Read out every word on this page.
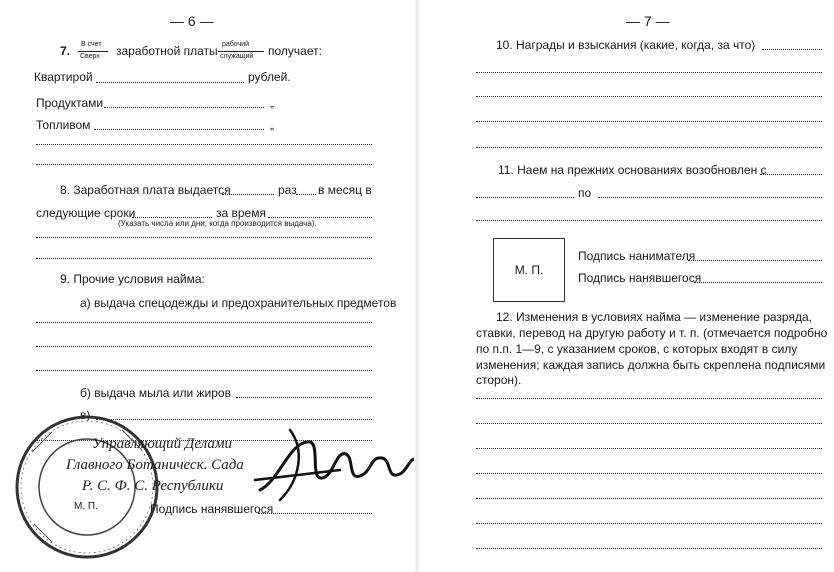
— 6 —
7. В счет
Сверх заработной платы рабочий
служащий получает:
Квартирой	рублей.
Продуктами	„
Топливом	„
8. Заработная плата выдается	раз в месяц в
следующие сроки	за время
(Указать числа или дни, когда производится выдача).
9. Прочие условия найма:
а) выдача спецодежды и предохранительных предметов
б) выдача мыла или жиров
в)
Управляющий Делами
Главного Ботаническ. Сада
Р. С. Ф. С. Республики
М. П.	Подпись нанявшегося
— 7 —
10. Награды и взыскания (какие, когда, за что)
11. Наем на прежних основаниях возобновлен с
по
М. П.
Подпись нанимателя
Подпись нанявшегося
12. Изменения в условиях найма — изменение разряда,
ставки, перевод на другую работу и т. п. (отмечается подробно
по п.п. 1—9, с указанием сроков, с которых входят в силу
изменения; каждая запись должна быть скреплена подписями
сторон).
